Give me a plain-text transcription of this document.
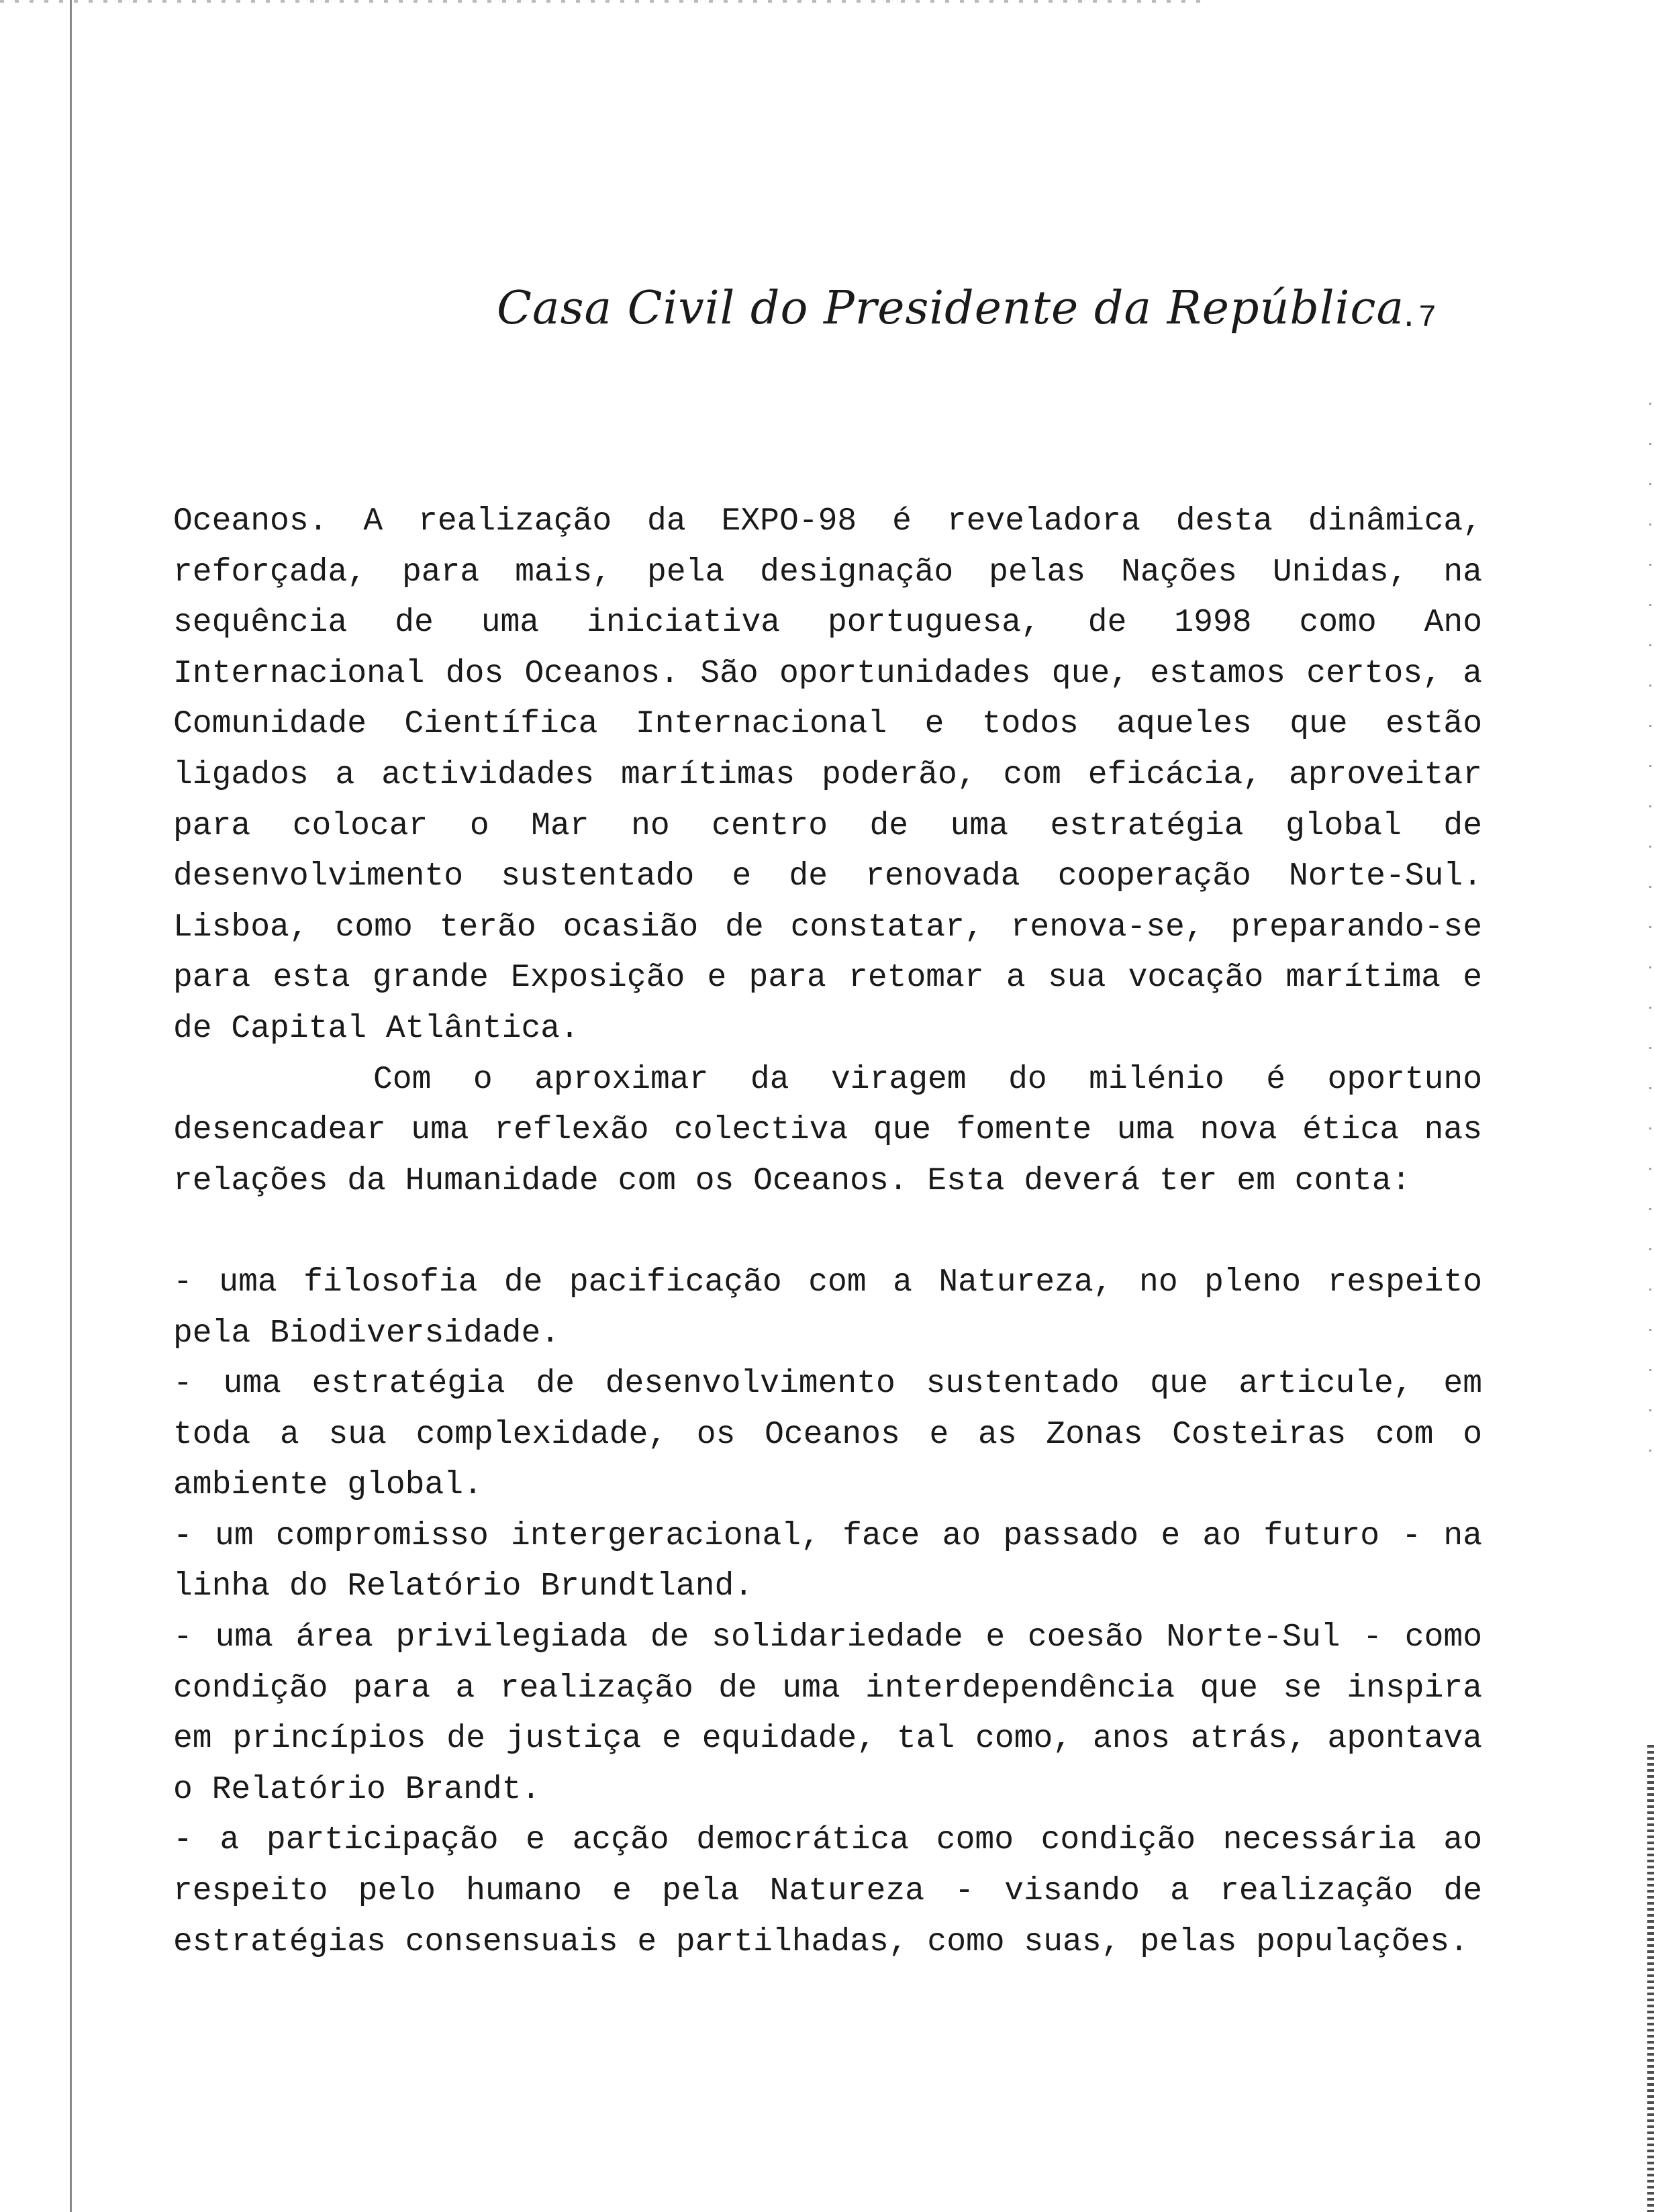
Casa Civil do Presidente da República
.7

Oceanos. A realização da EXPO-98 é reveladora desta dinâmica, reforçada, para mais, pela designação pelas Nações Unidas, na sequência de uma iniciativa portuguesa, de 1998 como Ano Internacional dos Oceanos. São oportunidades que, estamos certos, a Comunidade Científica Internacional e todos aqueles que estão ligados a actividades marítimas poderão, com eficácia, aproveitar para colocar o Mar no centro de uma estratégia global de desenvolvimento sustentado e de renovada cooperação Norte-Sul. Lisboa, como terão ocasião de constatar, renova-se, preparando-se para esta grande Exposição e para retomar a sua vocação marítima e de Capital Atlântica.

Com o aproximar da viragem do milénio é oportuno desencadear uma reflexão colectiva que fomente uma nova ética nas relações da Humanidade com os Oceanos. Esta deverá ter em conta:

- uma filosofia de pacificação com a Natureza, no pleno respeito pela Biodiversidade.

- uma estratégia de desenvolvimento sustentado que articule, em toda a sua complexidade, os Oceanos e as Zonas Costeiras com o ambiente global.

- um compromisso intergeracional, face ao passado e ao futuro - na linha do Relatório Brundtland.

- uma área privilegiada de solidariedade e coesão Norte-Sul - como condição para a realização de uma interdependência que se inspira em princípios de justiça e equidade, tal como, anos atrás, apontava o Relatório Brandt.

- a participação e acção democrática como condição necessária ao respeito pelo humano e pela Natureza - visando a realização de estratégias consensuais e partilhadas, como suas, pelas populações.
